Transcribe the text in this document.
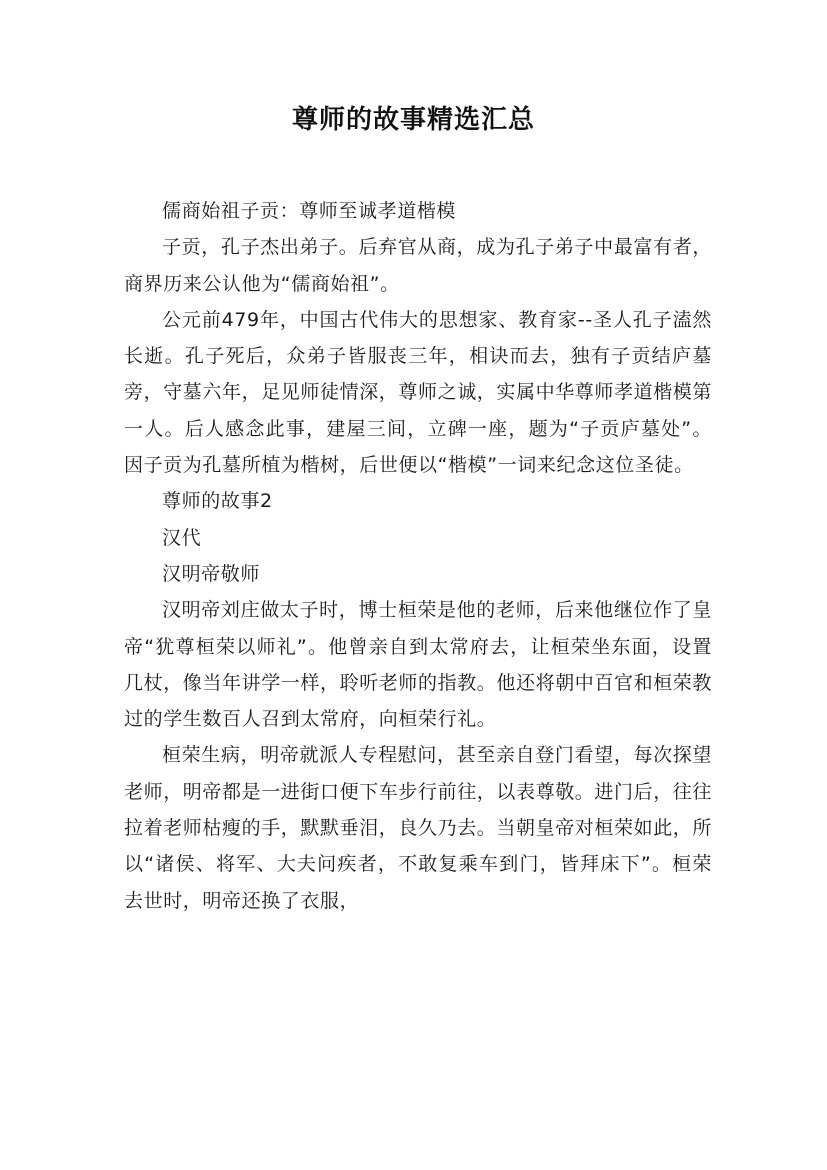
尊师的故事精选汇总

儒商始祖子贡：尊师至诚孝道楷模

子贡，孔子杰出弟子。后弃官从商，成为孔子弟子中最富有者，商界历来公认他为“儒商始祖”。

公元前479年，中国古代伟大的思想家、教育家--圣人孔子溘然长逝。孔子死后，众弟子皆服丧三年，相诀而去，独有子贡结庐墓旁，守墓六年，足见师徒情深，尊师之诚，实属中华尊师孝道楷模第一人。后人感念此事，建屋三间，立碑一座，题为“子贡庐墓处”。因子贡为孔墓所植为楷树，后世便以“楷模”一词来纪念这位圣徒。

尊师的故事2

汉代

汉明帝敬师

汉明帝刘庄做太子时，博士桓荣是他的老师，后来他继位作了皇帝“犹尊桓荣以师礼”。他曾亲自到太常府去，让桓荣坐东面，设置几杖，像当年讲学一样，聆听老师的指教。他还将朝中百官和桓荣教过的学生数百人召到太常府，向桓荣行礼。

桓荣生病，明帝就派人专程慰问，甚至亲自登门看望，每次探望老师，明帝都是一进街口便下车步行前往，以表尊敬。进门后，往往拉着老师枯瘦的手，默默垂泪，良久乃去。当朝皇帝对桓荣如此，所以“诸侯、将军、大夫问疾者，不敢复乘车到门，皆拜床下”。桓荣去世时，明帝还换了衣服，
